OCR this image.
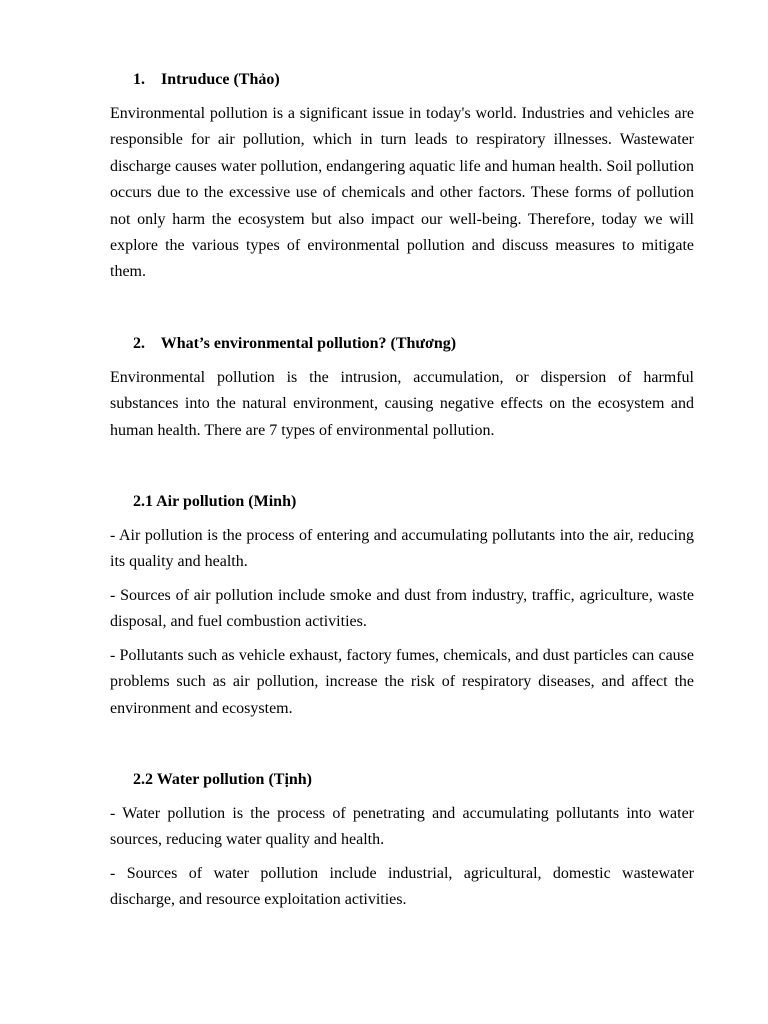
1. Intruduce (Thảo)

Environmental pollution is a significant issue in today's world. Industries and vehicles are responsible for air pollution, which in turn leads to respiratory illnesses. Wastewater discharge causes water pollution, endangering aquatic life and human health. Soil pollution occurs due to the excessive use of chemicals and other factors. These forms of pollution not only harm the ecosystem but also impact our well-being. Therefore, today we will explore the various types of environmental pollution and discuss measures to mitigate them.

2. What’s environmental pollution? (Thương)

Environmental pollution is the intrusion, accumulation, or dispersion of harmful substances into the natural environment, causing negative effects on the ecosystem and human health. There are 7 types of environmental pollution.

2.1 Air pollution (Minh)

- Air pollution is the process of entering and accumulating pollutants into the air, reducing its quality and health.

- Sources of air pollution include smoke and dust from industry, traffic, agriculture, waste disposal, and fuel combustion activities.

- Pollutants such as vehicle exhaust, factory fumes, chemicals, and dust particles can cause problems such as air pollution, increase the risk of respiratory diseases, and affect the environment and ecosystem.

2.2 Water pollution (Tịnh)

- Water pollution is the process of penetrating and accumulating pollutants into water sources, reducing water quality and health.

- Sources of water pollution include industrial, agricultural, domestic wastewater discharge, and resource exploitation activities.
